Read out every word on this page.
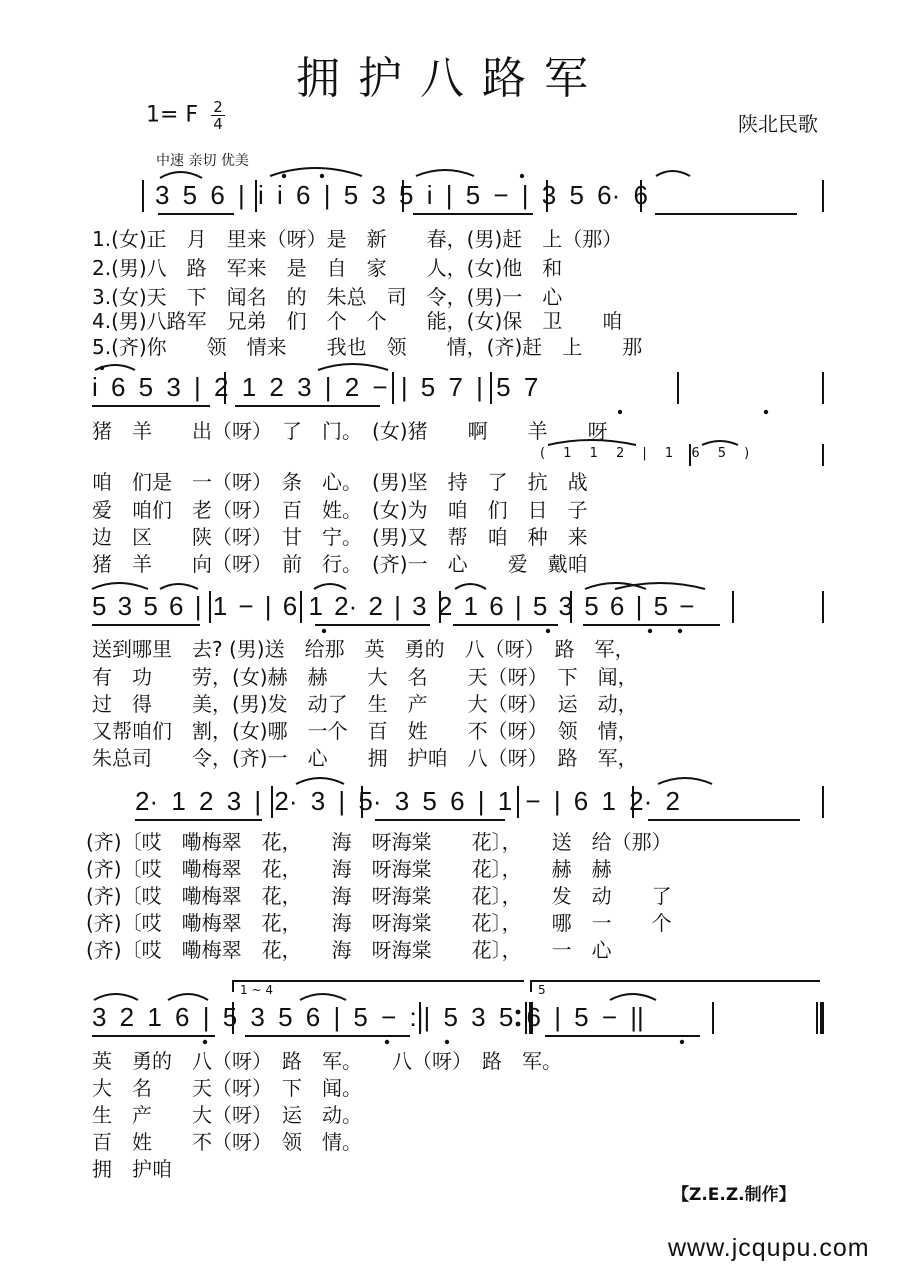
拥护八路军
1= F $\frac{2}{4}$	陕北民歌
中速 亲切 优美
3 5 6 | i i 6 | 5 3 5 i | 5 − | 3 5 6· 6
i 6 5 3 | 2 1 2 3 | 2 − | 5 7 | 5 7
5 3 5 6 | 1 − | 6 1 2· 2 | 3 2 1 6 | 5 3 5 6 | 5 −
2· 1 2 3 | 2· 3 | 5· 3 5 6 | 1 − | 6 1 2· 2
3 2 1 6 | 5 3 5 6 | 5 − :|| 5 3 5 6 | 5 − ||
( 1 1 2 | 1 6 5 )
1 ~ 4	5
1.(女)正　月　里来（呀）是　新　　春，(男)赶　上（那）
2.(男)八　路　军来　是　自　家　　人，(女)他　和
3.(女)天　下　闻名　的　朱总　司　令，(男)一　心
4.(男)八路军　兄弟　们　个　个　　能，(女)保　卫　　咱
5.(齐)你　　领　情来　　我也　领　　情，(齐)赶　上　　那
猪　羊　　出（呀）　了　门。　(女)猪　　啊　　羊　　呀
咱　们是　一（呀）　条　心。　(男)坚　持　了　抗　战
爱　咱们　老（呀）　百　姓。　(女)为　咱　们　日　子
边　区　　陕（呀）　甘　宁。　(男)又　帮　咱　种　来
猪　羊　　向（呀）　前　行。　(齐)一　心　　爱　戴咱
送到哪里　去? (男)送　给那　英　勇的　八（呀）　路　军，
有　功　　劳，(女)赫　赫　　大　名　　天（呀）　下　闻，
过　得　　美，(男)发　动了　生　产　　大（呀）　运　动，
又帮咱们　割，(女)哪　一个　百　姓　　不（呀）　领　情，
朱总司　　令，(齐)一　心　　拥　护咱　八（呀）　路　军，
(齐)〔哎　嘞梅翠　花，　　海　呀海棠　　花〕，　　送　给（那）
(齐)〔哎　嘞梅翠　花，　　海　呀海棠　　花〕，　　赫　赫
(齐)〔哎　嘞梅翠　花，　　海　呀海棠　　花〕，　　发　动　　了
(齐)〔哎　嘞梅翠　花，　　海　呀海棠　　花〕，　　哪　一　　个
(齐)〔哎　嘞梅翠　花，　　海　呀海棠　　花〕，　　一　心
英　勇的　八（呀）　路　军。　　八（呀）　路　军。
大　名　　天（呀）　下　闻。
生　产　　大（呀）　运　动。
百　姓　　不（呀）　领　情。
拥　护咱
【Z.E.Z.制作】
www.jcqupu.com
